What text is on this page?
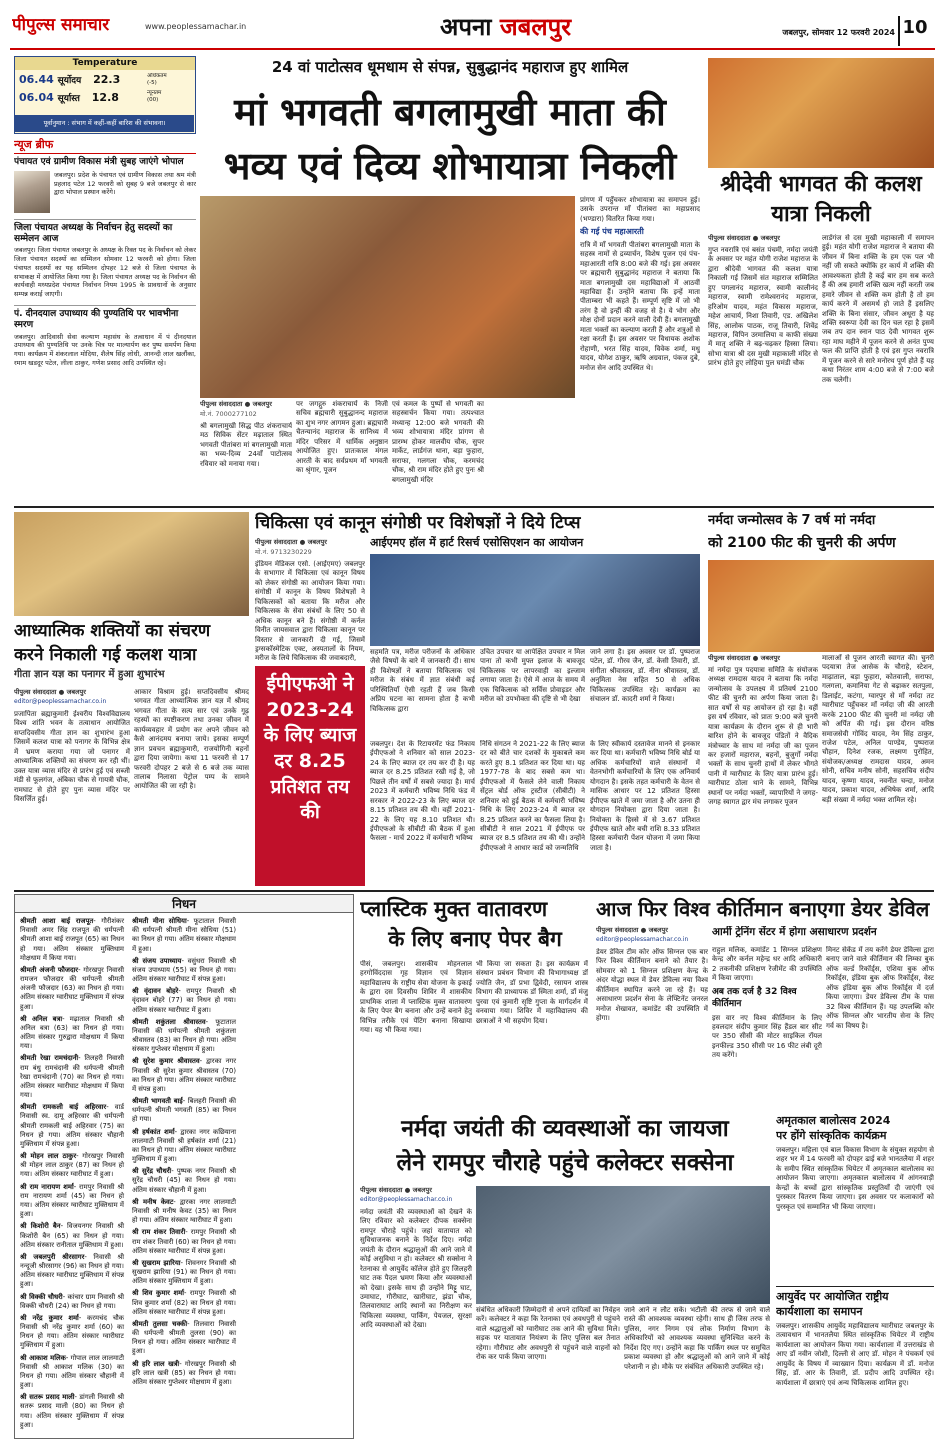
पीपुल्स समाचार	www.peoplessamachar.in	अपना जबलपुर	जबलपुर, सोमवार 12 फरवरी 2024 10
Temperature
06.44 सूर्योदय 22.3
06.04 सूर्यास्त 12.8
अधिकतम
(-5)
न्यूनतम
(00)
पूर्वानुमान : संभाग में कहीं-कहीं बारिश की संभावना।
न्यूज ब्रीफ
पंचायत एवं ग्रामीण विकास मंत्री सुबह जाएंगे भोपाल
जबलपुर। प्रदेश के पंचायत एवं ग्रामीण विकास तथा श्रम मंत्री प्रहलाद पटेल 12 फरवरी को सुबह 9 बजे जबलपुर से कार द्वारा भोपाल प्रस्थान करेंगे।
जिला पंचायत अध्यक्ष के निर्वाचन हेतु सदस्यों का सम्मेलन आज
जबलपुर। जिला पंचायत जबलपुर के अध्यक्ष के रिक्त पद के निर्वाचन को लेकर जिला पंचायत सदस्यों का सम्मिलन सोमवार 12 फरवरी को होगा। जिला पंचायत सदस्यों का यह सम्मिलन दोपहर 12 बजे से जिला पंचायत के सभाकक्ष में आयोजित किया गया है। जिला पंचायत अध्यक्ष पद के निर्वाचन की कार्यवाही मध्यप्रदेश पंचायत निर्वाचन नियम 1995 के प्रावधानों के अनुसार सम्पन्न कराई जाएगी।
पं. दीनदयाल उपाध्याय की पुण्यतिथि पर भावभीना स्मरण
जबलपुर। आदिवासी सेवा कल्याण महासंघ के तत्वाधान में पं दीनदयाल उपाध्याय की पुण्यतिथि पर उनके चित्र पर माल्यार्पण कर पुष्प समर्पण किया गया। कार्यक्रम में शंकरलाल मोदिया, शैलेष सिंह लोधी, आनन्दी लाल खलौंका, रमाम खडदूर पटेल, लीला ठाकुर, गणेश प्रसाद आदि उपस्थित रहे।
24 वां पाटोत्सव धूमधाम से संपन्न, सुबुद्धानंद महाराज हुए शामिल
मां भगवती बगलामुखी माता की
भव्य एवं दिव्य शोभायात्रा निकली
पीपुल्स संवाददाता ● जबलपुर
मो.नं. 7000277102
श्री बगलामुखी सिद्ध पीठ शंकराचार्य मठ सिविक सेंटर मढ़ाताल स्थित भगवती पीतांबरा मां बगलामुखी माता का भव्य-दिव्य 24वाँ पाटोत्सव रविवार को मनाया गया।
पर जगद्गुरु शंकराचार्य के निजी सचिव ब्रह्मचारी सुबुद्धानन्द महाराज का शुभ नगर आगमन हुआ। ब्रह्मचारी चैतन्यानंद महाराज के सानिध्य में मंदिर परिसर में धार्मिक अनुष्ठान आयोजित हुए। प्रातःकाल मंगल आरती के बाद सर्वप्रथम माँ भगवती का श्रृंगार, पूजन
एवं कमल के पुष्पों से भगवती का सहस्त्रार्चन किया गया। तत्पश्चात मध्यान्ह 12:00 बजे भगवती की भव्य शोभायात्रा मंदिर प्रांगण से प्रारम्भ होकर मालवीय चौक, सुपर मार्केट, लार्डगंज थाना, बड़ा फुहारा, सराफा, गलगला चौक, करमचंद चौक, श्री राम मंदिर होते हुए पुनः श्री बगलामुखी मंदिर
प्रांगण में पहुँचकर शोभायात्रा का समापन हुई। उसके उपरान्त माँ पीतांबरा का महाप्रसाद (भण्डारा) वितरित किया गया।
की गई पंच महाआरती
रात्रि में माँ भगवती पीतांबरा बगलामुखी माता के सहस्त्र नामों से द्रव्यार्चन, विशेष पूजन एवं पंच-महाआरती रात्रि 8:00 बजे की गई। इस अवसर पर ब्रह्मचारी सुबुद्धानंद महाराज ने बताया कि माता बगलामुखी दस महाविद्याओं में आठवीं महाविद्या हैं। उन्होंने बताया कि इन्हें माता पीताम्बरा भी कहते हैं। सम्पूर्ण सृष्टि में जो भी तरंग है वो इन्हीं की वजह से है। ये भोग और मोक्ष दोनों प्रदान करने वाली देवी हैं। बगलामुखी माता भक्तों का कल्याण करती हैं और शत्रुओं से रक्षा करती हैं। इस अवसर पर विधायक अशोक रोहाणी, भरत सिंह यादव, विवेक शर्मा, मधु यादव, योगेश ठाकुर, ऋषि अग्रवाल, पंकज दुबे, मनोज सेन आदि उपस्थित थे।
श्रीदेवी भागवत की कलश यात्रा निकली
पीपुल्स संवाददाता ● जबलपुर
गुप्त नवरात्रि एवं बसंत पंचमी, नर्मदा जयंती के अवसर पर महंत योगी राजेश महाराज के द्वारा श्रीदेवी भागवत की कलश यात्रा निकाली गई जिसमें संत महाराज सम्मिलित हुए पगलानंद महाराज, स्वामी कालीनंद महाराज, स्वामी रामेश्वरानंद महाराज, हरिओम यादव, महंत विकास महाराज, महेश आचार्य, निशा तिवारी, एड. अखिलेश सिंह, आलोक पाठक, राजू तिवारी, शिवेंद्र महाराज, विपिन उरमालिया व काफी संख्या में मातृ शक्ति ने बढ़-चढ़कर हिस्सा लिया। सोभा यात्रा श्री दस मुखी महाकाली मंदिर से प्रारंभ होते हुए लोहिया पुल घमंडी चौक
लार्डगंज से दस मुखी महाकाली में समापन हुई। महंत योगी राजेश महाराज ने बताया की जीवन में बिना शक्ति के हम एक पल भी नहीं जी सकते क्योंकि हर कार्य में शक्ति की आवश्यकता होती है कई बार हम सब करते हैं की अब हमारी शक्ति खत्म नहीं करती जब हमारे जीवन से शक्ति कम होती है तो हम कार्य करने में असमर्थ हो जाते हैं इसलिए शक्ति के बिना संसार, जीवन अधूरा है यह शक्ति स्वरूपा देवी का दिन चल रहा है इसमें जब तप दान स्नान पाठ देवी भागवत शुरू रहा माघ महीने में पूजन करने से अनंत पुण्य फल की प्राप्ति होती है एवं इस गुप्त नवरात्रि में पूजन करने से सारे मनोरथ पूर्ण होते हैं यह कथा निरंतर शाम 4:00 बजे से 7:00 बजे तक चलेगी।
आध्यात्मिक शक्तियों का संचरण
करने निकाली गई कलश यात्रा
गीता ज्ञान यज्ञ का पनागर में हुआ शुभारंभ
पीपुल्स संवाददाता ● जबलपुर
editor@peoplessamachar.co.in
प्रजापिता ब्रह्माकुमारी ईश्वरीय विश्वविद्यालय विश्व शांति भवन के तत्वाधान आयोजित सप्तदिवसीय गीता ज्ञान का शुभारंभ हुआ जिसमें कलश यात्रा को पनागर के विभिन्न क्षेत्र में भ्रमण कराया गया जो पनागर में आध्यात्मिक शक्तियों का संचरण कर रही थीं। उक्त यात्रा व्यास मंदिर से प्रारंभ हुई एवं सब्जी मंडी से फूलगंज, अंबिका चौक से गायत्री चौक, रामघाट से होते हुए पुनः व्यास मंदिर पर विसर्जित हुई।
आकार विश्राम हुई। सप्तदिवसीय श्रीमद भगवत गीता आध्यात्मिक ज्ञान यज्ञ में श्रीमद भगवत गीता के सत्य सार एवं उनके गूढ़ रहस्यों का स्पष्टीकरण तथा उनका जीवन में कार्यव्यवहार में प्रयोग कर अपने जीवन को कैसे आनंदमय बनाया जाये। इसका सम्पूर्ण ज्ञान प्रवचन ब्रह्माकुमारी, राजयोगिनी बहनों द्वारा दिया जायेगा। कथा 11 फरवरी से 17 फरवरी दोपहर 2 बजे से 6 बजे तक व्यास तालाब निलासा पेट्रोल पम्प के सामने आयोजित की जा रही है।
चिकित्सा एवं कानून संगोष्ठी पर विशेषज्ञों ने दिये टिप्स
पीपुल्स संवाददाता ● जबलपुर
मो.नं. 9713230229
आईएमए हॉल में हार्ट रिसर्च एसोसिएशन का आयोजन
इंडियन मेडिकल एसो. (आईएमए) जबलपुर के सभागार में चिकित्सा एवं कानून विषय को लेकर संगोष्ठी का आयोजन किया गया। संगोष्ठी में कानून के विषय विशेषज्ञों ने चिकित्सकों को बताया कि मरीज और चिकित्सक के सेवा संबंधों के लिए 50 से अधिक कानून बने हैं। संगोष्ठी में कर्नल विनीत जायसवाल द्वारा चिकित्सा कानून पर विस्तार से जानकारी दी गई, जिसमें ड्रग्सकॉस्मेटिक एक्ट, अस्पतालों के नियम, मरीज के लिये चिकित्सक की जवाबदारी,
सहमति पत्र, मरीज परीजनों के अधिकार जैसे विषयों के बारे में जानकारी दी। साथ ही विशेषज्ञों ने बताया चिकित्सक एवं मरीज के संबंध में ज्ञात संबंधी कई परिस्थितियाँ ऐसी रहती हैं जब किसी अप्रिय घटना का सामना होता है कभी चिकित्सक द्वारा
उचित उपचार या आपेक्षित उपचार न मिल पाना तो कभी मुफ्त इलाज के बावजूद चिकित्सक पर लापरवाही का इल्जाम लगाया जाता है। ऐसे में आज के समय में एक चिकित्सक को सर्विस प्रोवाइडर और मरीज को उपभोक्ता की दृष्टि से भी देखा
जाने लगा है। इस अवसर पर डॉ. पुष्पराज पटेल, डॉ. गौरव जैन, डॉ. केसी तिवारी, डॉ. संगीता श्रीवास्तव, डॉ. नीना श्रीवास्तव, डॉ. अनुमिता नेस सहित 50 से अधिक चिकित्सक उपस्थित रहे। कार्यक्रम का संचालन डॉ. कादरी शर्मा ने किया।
ईपीएफओ ने 2023-24 के लिए ब्याज दर 8.25 प्रतिशत तय की
जबलपुर। देश के रिटायरमेंट फंड निकाय ईपीएफओ ने शनिवार को साल 2023-24 के लिए ब्याज दर तय कर दी है। यह ब्याज दर 8.25 प्रतिशत रखी गई है, जो पिछले तीन वर्षों में सबसे ज्यादा है। मार्च 2023 में कर्मचारी भविष्य निधि फंड में सरकार ने 2022-23 के लिए ब्याज दर 8.15 प्रतिशत तय की थी। वहीं 2021-22 के लिए यह 8.10 प्रतिशत थी। ईपीएफओ के सीबीटी की बैठक में हुआ फैसला - मार्च 2022 में कर्मचारी भविष्य
निधि संगठन ने 2021-22 के लिए ब्याज दर को बीते चार दशकों के मुकाबले कम करते हुए 8.1 प्रतिशत कर दिया था। यह 1977-78 के बाद सबसे कम था। ईपीएफओ में फैसले लेने वाली निकाय सेंट्रल बोर्ड ऑफ ट्रस्टीज (सीबीटी) ने शनिवार को हुई बैठक में कर्मचारी भविष्य निधि के लिए 2023-24 में ब्याज दर 8.25 प्रतिशत करने का फैसला लिया है। सीबीटी ने साल 2021 में ईपीएफ पर ब्याज दर 8.5 प्रतिशत तय की थी। उन्होंने ईपीएफओ ने आधार कार्ड को जन्मतिथि
के लिए स्वीकार्य दस्तावेज मानने से इनकार कर दिया था। कर्मचारी भविष्य निधि बोर्ड या अधिक कर्मचारियों वाले संस्थानों में वेतनभोगी कर्मचारियों के लिए एक अनिवार्य योगदान है। इसके तहत कर्मचारी के वेतन से मासिक आधार पर 12 प्रतिशत हिस्सा ईपीएफ खाते में जमा जाता है और उतना ही योगदान नियोक्ता द्वारा दिया जाता है। नियोक्ता के हिस्से में से 3.67 प्रतिशत ईपीएफ खाते और बची राशि 8.33 प्रतिशत हिस्सा कर्मचारी पेंशन योजना में जमा किया जाता है।
नर्मदा जन्मोत्सव के 7 वर्ष मां नर्मदा
को 2100 फीट की चुनरी की अर्पण
पीपुल्स संवाददाता ● जबलपुर
मां नर्मदा पुत्र पदयात्रा समिति के संयोजक अध्यक्ष रामदास यादव ने बताया कि नर्मदा जन्मोत्सव के उपलक्ष्य में प्रतिवर्ष 2100 फीट की चुनरी का अर्पण किया जाता है। सात वर्षों से यह आयोजन हो रहा है। वहीं इस वर्ष रविवार, को प्रातः 9:00 बजे चुनरी यात्रा कार्यक्रम के दौरान शुरू से ही भारी बारिश होने के बावजूद पंडितों ने वैदिक मंत्रोच्चार के साथ मां नर्मदा जी का पूजन कर हजारों महाराज, बहनों, बुजुर्गों नर्मदा भक्तों के साथ चुनरी हाथों में लेकर भीगते पानी में ग्वारीघाट के लिए यात्रा प्रारंभ हुई। ग्वारीघाट ठोला थाने के सामने, विभिन्न स्थानों पर नर्मदा भक्तों, व्यापारियों ने जगह-जगह स्वागत द्वार मंच लगाकर पूजन
मालाओं से पूजन आरती स्वागत की। चुनरी पदयात्रा तेज आसेक के चौराहे, स्टेशन, माढ़ाताल, बड़ा फुहारा, कोतवाली, सराफा, गलगला, कमानिया गेट से बढ़ाकर सतपुला, डिलाईट, कटंगा, ग्वारपुर से माँ नर्मदा तट ग्वारीघाट पहुँचकर माँ नर्मदा जी की आरती करके 2100 फीट की चुनरी मां नर्मदा जी को अर्पित की गई। इस दौरान वरिष्ठ समाजसेवी गोविंद यादव, नेम सिंह ठाकुर, राजेश पटेल, अनिल पाण्डेय, पुष्पराज चौहान, दिनेश रजक, लक्ष्मण पुरोहित, संयोजक/अध्यक्ष रामदास यादव, अमन सोनी, सचिव मनीष सोनी, सहसचिव संदीप यादव, कृष्णा यादव, नवनीत चन्दा, मनोज यादव, प्रकाश यादव, अभिषेक शर्मा, आदि बड़ी संख्या में नर्मदा भक्त शामिल रहे।
निधन

श्रीमती आशा बाई राजपूत- गौरीशंकर निवासी अमर सिंह राजपूत की धर्मपत्नी श्रीमती आशा बाई राजपूत (65) का निधन हो गया। अंतिम संस्कार मुक्तिधाम मोक्षधाम में किया गया।

श्रीमती अंजनी फौजदार- गोरखपुर निवासी रामजन फौजदार की धर्मपत्नी श्रीमती अंजनी फौजदार (63) का निधन हो गया। अंतिम संस्कार ग्वारीघाट मुक्तिधाम में संपन्न हुआ।

श्री अनिल बत्रा- मढ़ाताल निवासी श्री अनिल बत्रा (63) का निधन हो गया। अंतिम संस्कार गुरुद्वारा मोक्षधाम में किया गया।

श्रीमती रेखा रामचंदानी- तिलहरी निवासी राम बंधु रामचंदानी की धर्मपत्नी श्रीमती रेखा रामचंदानी (70) का निधन हो गया। अंतिम संस्कार ग्वारीघाट मोक्षधाम में किया गया।

श्रीमती रामकली बाई अहिरवार- वार्ड निवासी स्व. दामू अहिरवार की धर्मपत्नी श्रीमती रामकली बाई अहिरवार (75) का निधन हो गया। अंतिम संस्कार चौहानी मुक्तिधाम में संपन्न हुआ।

श्री मोहन लाल ठाकुर- गोरखपुर निवासी श्री मोहन लाल ठाकुर (87) का निधन हो गया। अंतिम संस्कार ग्वारीघाट में हुआ।

श्री राम नारायण शर्मा- रामपुर निवासी श्री राम नारायण शर्मा (45) का निधन हो गया। अंतिम संस्कार ग्वारीघाट मुक्तिधाम में हुआ।

श्री किशोरी बैन- विजयनगर निवासी श्री किशोरी बैन (65) का निधन हो गया। अंतिम संस्कार रानीताल मुक्तिधाम में हुआ।

श्री जबलपुरी श्रीरसागर- निवासी श्री नन्दूजी श्रीरसागर (96) का निधन हो गया। अंतिम संस्कार ग्वारीघाट मुक्तिधाम में संपन्न हुआ।

श्री विक्की चौधरी- कांचार ग्राम निवासी श्री विक्की चौधरी (24) का निधन हो गया।

श्री नरेंद्र कुमार शर्मा- करमचंद चौक निवासी श्री नरेंद्र कुमार शर्मा (60) का निधन हो गया। अंतिम संस्कार ग्वारीघाट मुक्तिधाम में हुआ।

श्री आकाश मलिक- गोपाल लाल लालमाटी निवासी श्री आकाश मलिक (30) का निधन हो गया। अंतिम संस्कार चौहानी में हुआ।

श्री सतरू प्रसाद माली- डांगली निवासी श्री सतरू प्रसाद माली (80) का निधन हो गया। अंतिम संस्कार मुक्तिधाम में संपन्न हुआ।

श्रीमती मीना सोधिया- फूटाताल निवासी की धर्मपत्नी श्रीमती मीना सोधिया (51) का निधन हो गया। अंतिम संस्कार मोक्षधाम में हुआ।

श्री संजय उपाध्याय- वसुंधरा निवासी श्री संजय उपाध्याय (55) का निधन हो गया। अंतिम संस्कार ग्वारीघाट में संपन्न हुआ।

श्री वृंदावन बोहरे- रामपुर निवासी श्री वृंदावन बोहरे (77) का निधन हो गया। अंतिम संस्कार ग्वारीघाट में हुआ।

श्रीमती शकुंतला श्रीवास्तव- फूटाताल निवासी की धर्मपत्नी श्रीमती शकुंतला श्रीवास्तव (83) का निधन हो गया। अंतिम संस्कार गुप्तेश्वर मोक्षधाम में हुआ।

श्री सुरेश कुमार श्रीवास्तव- द्वारका नगर निवासी श्री सुरेश कुमार श्रीवास्तव (70) का निधन हो गया। अंतिम संस्कार ग्वारीघाट में संपन्न हुआ।

श्रीमती भागवती बाई- बिलहरी निवासी की धर्मपत्नी श्रीमती भगवती (85) का निधन हो गया।

श्री हर्षकांत शर्मा- द्वारका नगर कछियाना लालमाटी निवासी श्री हर्षकांत शर्मा (21) का निधन हो गया। अंतिम संस्कार ग्वारीघाट मुक्तिधाम में हुआ।

श्री सुरेंद्र चौधरी- पुष्पक नगर निवासी श्री सुरेंद्र चौधरी (45) का निधन हो गया। अंतिम संस्कार चौहानी में हुआ।

श्री मनीष केवट- द्वारका नगर लालमाटी निवासी श्री मनीष केवट (35) का निधन हो गया। अंतिम संस्कार ग्वारीघाट में हुआ।

श्री राम शंकर तिवारी- रामपुर निवासी श्री राम शंकर तिवारी (60) का निधन हो गया। अंतिम संस्कार ग्वारीघाट में संपन्न हुआ।

श्री सुखराम झारिया- शिवनगर निवासी श्री सुखराम झारिया (91) का निधन हो गया। अंतिम संस्कार मुक्तिधाम में हुआ।

श्री शिव कुमार शर्मा- रामपुर निवासी श्री शिव कुमार शर्मा (82) का निधन हो गया। अंतिम संस्कार ग्वारीघाट में संपन्न हुआ।

श्रीमती तुलसा चक्की- तिलवारा निवासी की धर्मपत्नी श्रीमती तुलसा (90) का निधन हो गया। अंतिम संस्कार ग्वारीघाट में हुआ।

श्री हरि लाल खत्री- गोरखपुर निवासी श्री हरि लाल खत्री (85) का निधन हो गया। अंतिम संस्कार गुप्तेश्वर मोक्षधाम में हुआ।

प्लास्टिक मुक्त वातावरण
के लिए बनाए पेपर बैग
पीसं, जबलपुर। शासकीय मोहनलाल हरगोविंददास गृह विज्ञान एवं विज्ञान महाविद्यालय के राष्ट्रीय सेवा योजना के इकाई के द्वारा दस दिवसीय शिविर में शासकीय प्राथमिक शाला में प्लास्टिक मुक्त वातावरण के लिए पेपर बैग बनाना और उन्हें बनाने हेतु विभिन्न तरीके एवं पेंटिंग बनाना सिखाया गया। यह भी किया गया।
भी किया जा सकता है। इस कार्यक्रम में संस्थान प्रबंधन विभाग की विभागाध्यक्ष डॉ ज्योति जैन, डॉ प्रभा द्विवेदी, रसायन शास्त्र विभाग की प्राध्यापक डॉ स्मिता शर्मा, डॉ मंजु पुरवा एवं कुमारी सृष्टि गुप्ता के मार्गदर्शन में वनवाया गया। शिविर में महाविद्यालय की छात्राओं ने भी सहयोग दिया।
आज फिर विश्व कीर्तिमान बनाएगा डेयर डेविल
पीपुल्स संवाददाता ● जबलपुर
editor@peoplessamachar.co.in
आर्मी ट्रेनिंग सेंटर में होगा असाधारण प्रदर्शन
डेयर डेविल टीम कोर ऑफ सिग्नल एक बार फिर विश्व कीर्तिमान बनाने को तैयार है। सोमवार को 1 सिग्नल प्रशिक्षण केन्द्र के अंदर योद्धा स्थल में डेयर डेविल्स नया विश्व कीर्तिमान स्थापित करने जा रहे हैं। यह असाधारण प्रदर्शन सेना के लेफ्टिनेंट जनरल मनोज शेखावत, कमांडेंट की उपस्थिति में होगा।
राहुल मलिक, कमांडेंट 1 सिग्नल प्रशिक्षण केन्द्र और कर्नल महेन्द्र धर आदि अधिकारी 2 तकनीकी प्रशिक्षण रेजीमेंट की उपस्थिति में किया जाएगा।
अब तक दर्ज है 32 विश्व कीर्तिमान
इस वार नए विश्व कीर्तिमान के लिए हवलदार संदीप कुमार सिंह हैंडल बार सीट पर 350 सीसी की मोटर साइकिल रॉयल इनफील्ड 350 सीसी पर 16 फीट लंबी दूरी तय करेंगे।
मिनट सेकेंड में तय करेंगे डेयर डेविल्स द्वारा बनाए जाने वाले कीर्तिमान की लिम्का बुक ऑफ वर्ल्ड रिकॉर्ड्स, एशिया बुक ऑफ रिकॉर्ड्स, इंडिया बुक ऑफ रिकॉर्ड्स, वेस्ट ऑफ इंडिया बुक ऑफ रिकॉर्ड्स में दर्ज किया जाएगा। डेयर डेविल्स टीम के पास 32 विश्व कीर्तिमान हैं। यह उपलब्धि कोर ऑफ सिग्नल और भारतीय सेना के लिए गर्व का विषय है।
नर्मदा जयंती की व्यवस्थाओं का जायजा
लेने रामपुर चौराहे पहुंचे कलेक्टर सक्सेना
पीपुल्स संवाददाता ● जबलपुर
editor@peoplessamachar.co.in
नर्मदा जयंती की व्यवस्थाओं को देखने के लिए रविवार को कलेक्टर दीपक सक्सेना रामपुर चौराहे पहुंचे। जहां यातायात को सुविधाजनक बनाने के निर्देश दिए। नर्मदा जयंती के दौरान श्रद्धालुओं की आने जाने में कोई असुविधा न हो। कलेक्टर श्री सक्सेना ने रेतनाका से आयुर्वेद कॉलेज होते हुए जिलहरी घाट तक पैदल भ्रमण किया और व्यवस्थाओं को देखा। इसके साथ ही उन्होंने मिट्टू घाट, उमाघाट, गौरीघाट, खारीघाट, झंडा चौक, तिलवाराघाट आदि स्थानों का निरीक्षण कर चिकित्सा व्यवस्था, पार्किंग, पेयजल, सुरक्षा आदि व्यवस्थाओं को देखा।
संबंधित अधिकारी जिम्मेदारी से अपने दायित्वों का निर्वहन करें। कलेक्टर ने कहा कि रेतनाका एवं अवधपुरी से पहुंचने वाले श्रद्धालुओं को ग्वारीघाट तक आने की सुविधा मिले। सड़क पर यातायात नियंत्रण के लिए पुलिस बल तैनात रहेगा। गौरीघाट और अवधपुरी से पहुंचने वाले वाहनों को रोक कर पार्क किया जाएगा।
जाने आने न लौट सके। भटौली की तरफ से जाने वाले रास्ते की आवश्यक व्यवस्था रहेगी। साथ ही जिस तरफ से पुलिस, नगर निगम एवं लोक निर्माण विभाग के अधिकारियों को आवश्यक व्यवस्था सुनिश्चित करने के निर्देश दिए गए। उन्होंने कहा कि पार्किंग स्थल पर समुचित प्रकाश व्यवस्था हो और श्रद्धालुओं को आने जाने में कोई परेशानी न हो। मौके पर संबंधित अधिकारी उपस्थित रहे।
अमृतकाल बालोत्सव 2024
पर होंगे सांस्कृतिक कार्यक्रम
जबलपुर। महिला एवं बाल विकास विभाग के संयुक्त सहयोग से शहर भर में 14 फरवरी को दोपहर ढाई बजे भानतलैया में शहर के समीप स्थित सांस्कृतिक थियेटर में अमृतकाल बालोत्सव का आयोजन किया जाएगा। अमृतकाल बालोत्सव में आंगनवाड़ी केन्द्रों के बच्चों द्वारा सांस्कृतिक प्रस्तुतियाँ दी जाएंगी एवं पुरस्कार वितरण किया जाएगा। इस अवसर पर कलाकारों को पुरस्कृत एवं सम्मानित भी किया जाएगा।
आयुर्वेद पर आयोजित राष्ट्रीय
कार्यशाला का समापन
जबलपुर। शासकीय आयुर्वेद महाविद्यालय ग्वारीघाट जबलपुर के तत्वावधान में भानतलैया स्थित सांस्कृतिक थियेटर में राष्ट्रीय कार्यशाला का आयोजन किया गया। कार्यशाला में उत्तराखंड से आए डॉ नवीन जोशी, दिल्ली से आए डॉ. मोहन ने पंचकर्म एवं आयुर्वेद के विषय में व्याख्यान दिया। कार्यक्रम में डॉ. मनोज सिंह, डॉ. आर के तिवारी, डॉ. प्रदीप आदि उपस्थित रहे। कार्यशाला में छात्राएं एवं अन्य चिकित्सक शामिल हुए।
